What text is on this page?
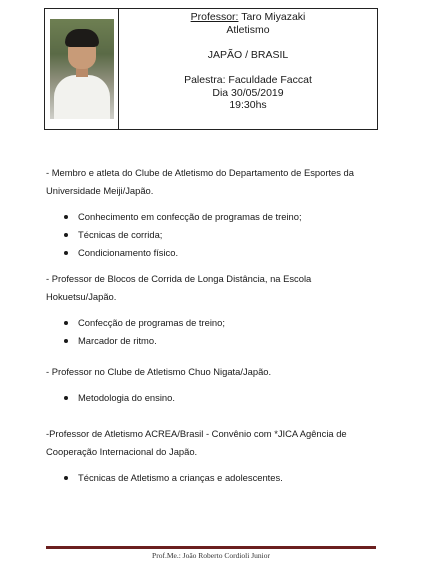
Professor: Taro Miyazaki
Atletismo
JAPÃO / BRASIL
Palestra: Faculdade Faccat
Dia 30/05/2019
19:30hs
- Membro e atleta do Clube de Atletismo do Departamento de Esportes da
Universidade Meiji/Japão.
Conhecimento em confecção de programas de treino;
Técnicas de corrida;
Condicionamento físico.
- Professor de Blocos de Corrida de Longa Distância, na Escola
Hokuetsu/Japão.
Confecção de programas de treino;
Marcador de ritmo.
- Professor no Clube de Atletismo Chuo Nigata/Japão.
Metodologia do ensino.
-Professor de Atletismo ACREA/Brasil - Convênio com *JICA Agência de
Cooperação Internacional do Japão.
Técnicas de Atletismo a crianças e adolescentes.
Prof.Me.: João Roberto Cordioli Junior
